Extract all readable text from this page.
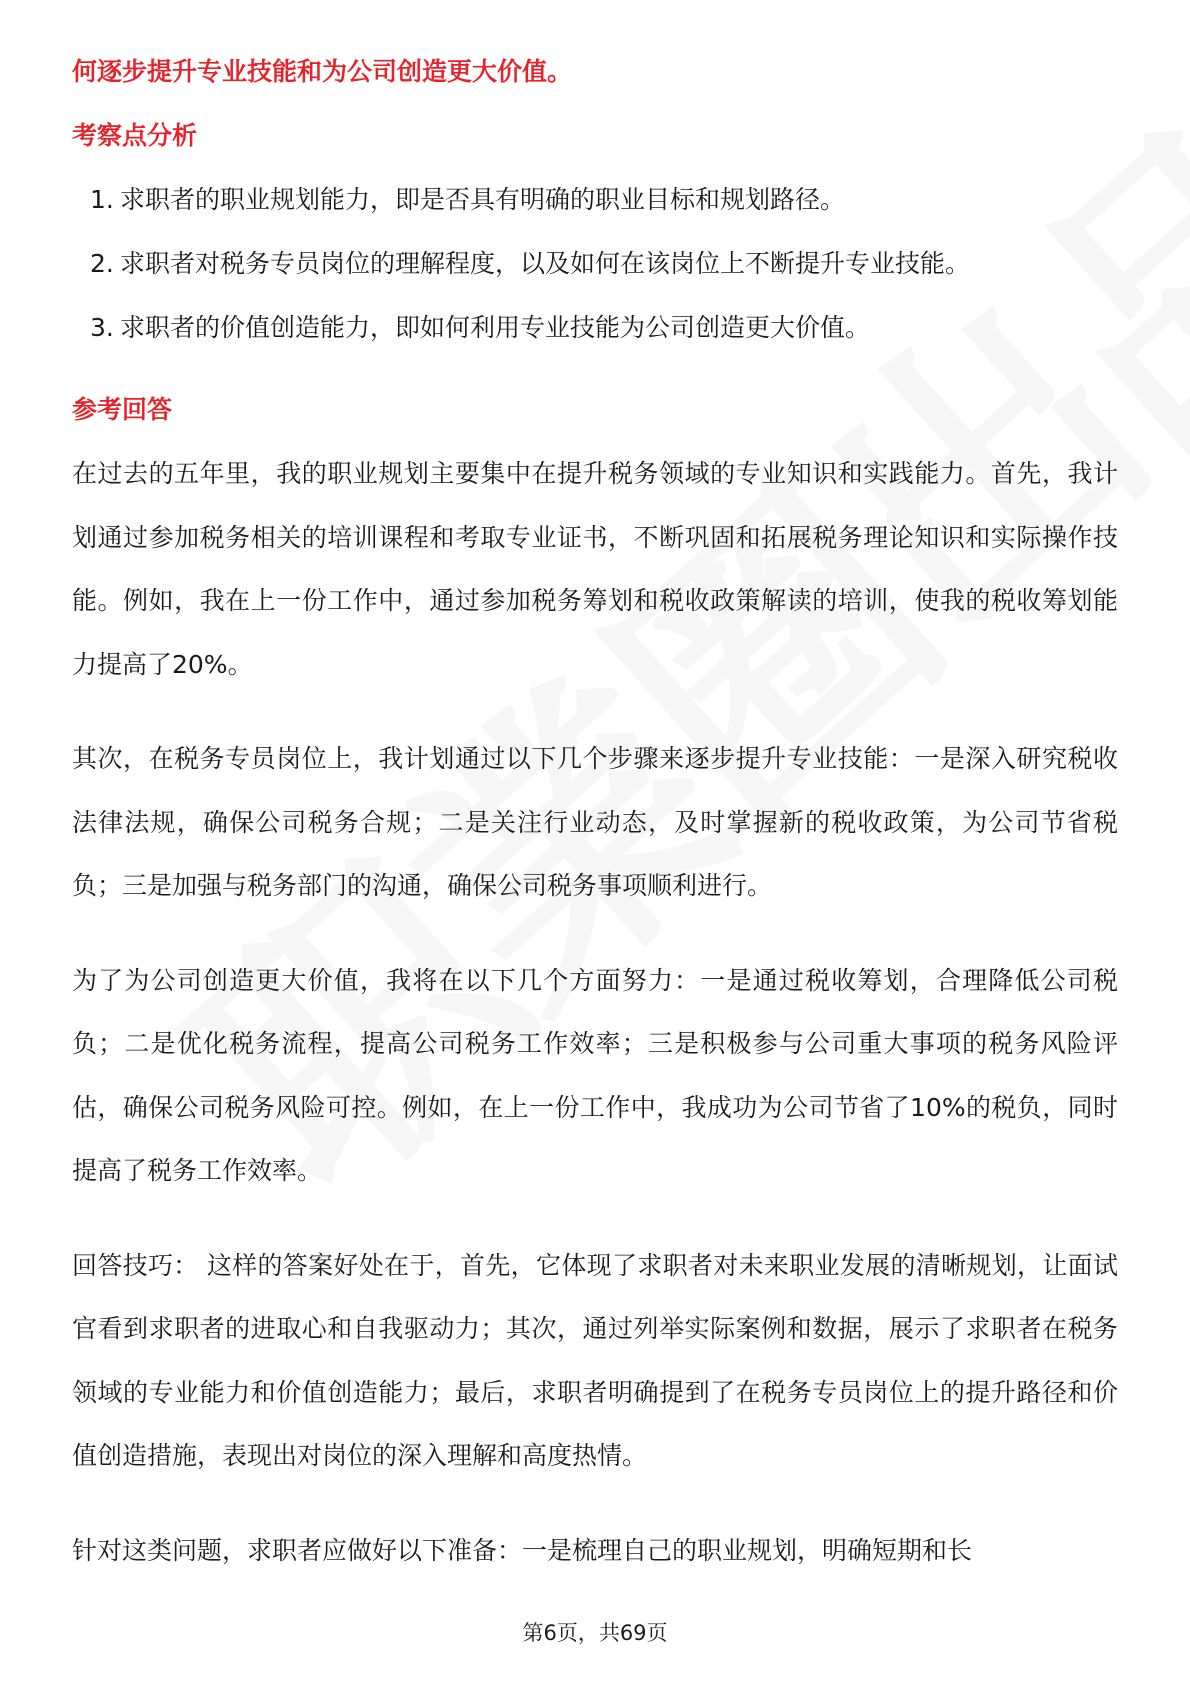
何逐步提升专业技能和为公司创造更大价值。

考察点分析
1. 求职者的职业规划能力，即是否具有明确的职业目标和规划路径。
2. 求职者对税务专员岗位的理解程度，以及如何在该岗位上不断提升专业技能。
3. 求职者的价值创造能力，即如何利用专业技能为公司创造更大价值。
参考回答

在过去的五年里，我的职业规划主要集中在提升税务领域的专业知识和实践能力。首先，我计划通过参加税务相关的培训课程和考取专业证书，不断巩固和拓展税务理论知识和实际操作技能。例如，我在上一份工作中，通过参加税务筹划和税收政策解读的培训，使我的税收筹划能力提高了20%。

其次，在税务专员岗位上，我计划通过以下几个步骤来逐步提升专业技能：一是深入研究税收法律法规，确保公司税务合规；二是关注行业动态，及时掌握新的税收政策，为公司节省税负；三是加强与税务部门的沟通，确保公司税务事项顺利进行。

为了为公司创造更大价值，我将在以下几个方面努力：一是通过税收筹划，合理降低公司税负；二是优化税务流程，提高公司税务工作效率；三是积极参与公司重大事项的税务风险评估，确保公司税务风险可控。例如，在上一份工作中，我成功为公司节省了10%的税负，同时提高了税务工作效率。

回答技巧： 这样的答案好处在于，首先，它体现了求职者对未来职业发展的清晰规划，让面试官看到求职者的进取心和自我驱动力；其次，通过列举实际案例和数据，展示了求职者在税务领域的专业能力和价值创造能力；最后，求职者明确提到了在税务专员岗位上的提升路径和价值创造措施，表现出对岗位的深入理解和高度热情。

针对这类问题，求职者应做好以下准备：一是梳理自己的职业规划，明确短期和长

第6页，共69页
